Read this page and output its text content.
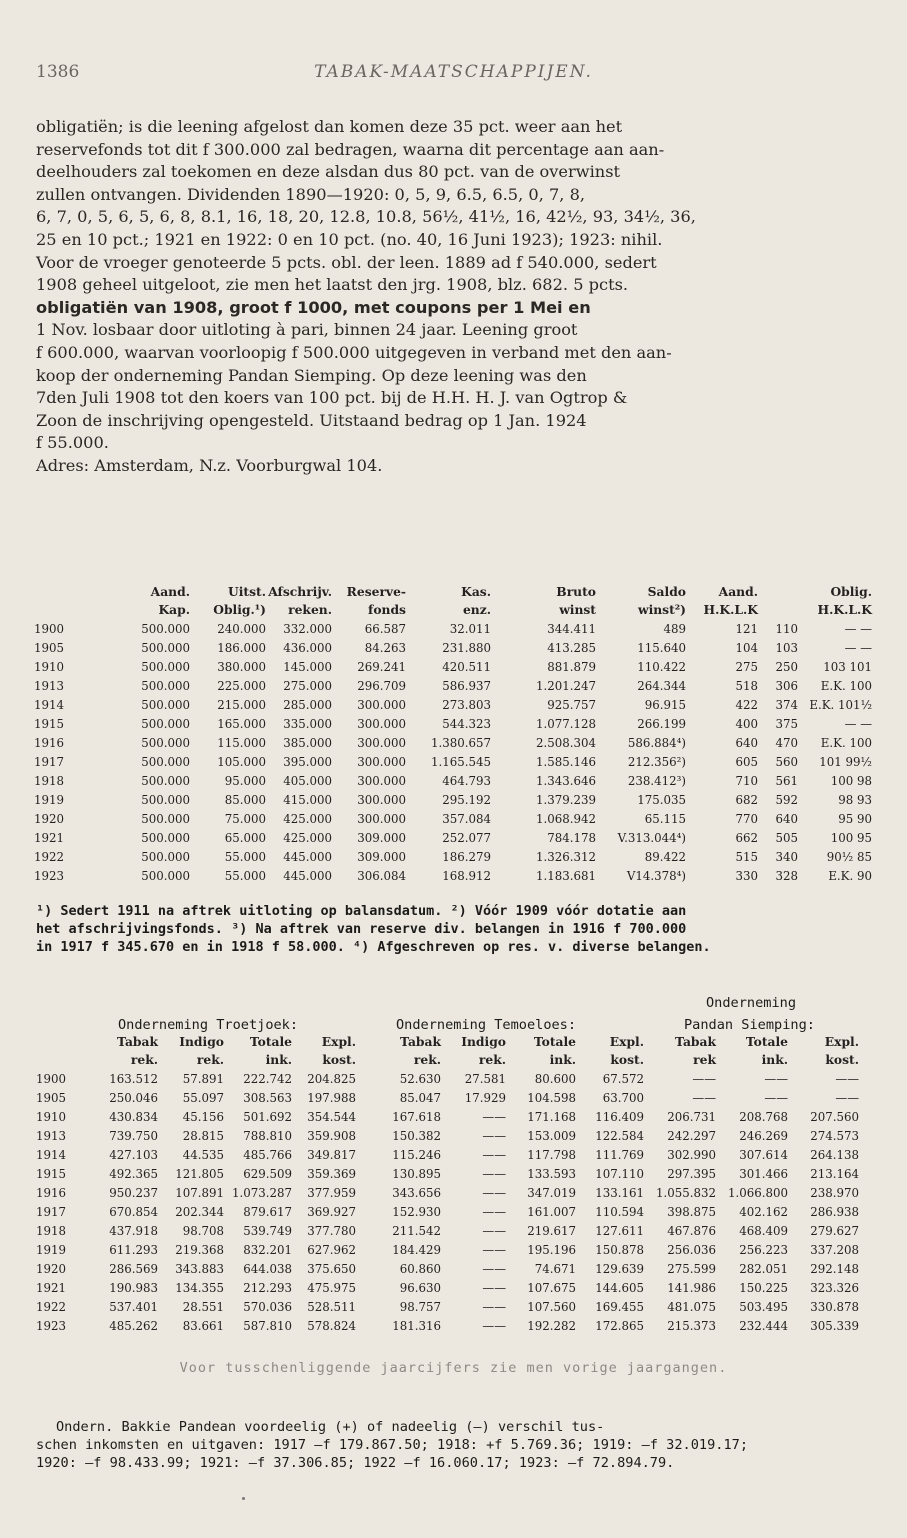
1386	TABAK-MAATSCHAPPIJEN.
obligatiën; is die leening afgelost dan komen deze 35 pct. weer aan het
reservefonds tot dit f 300.000 zal bedragen, waarna dit percentage aan aan-
deelhouders zal toekomen en deze alsdan dus 80 pct. van de overwinst
zullen ontvangen. Dividenden 1890—1920: 0, 5, 9, 6.5, 6.5, 0, 7, 8,
6, 7, 0, 5, 6, 5, 6, 8, 8.1, 16, 18, 20, 12.8, 10.8, 56½, 41½, 16, 42½, 93, 34½, 36,
25 en 10 pct.; 1921 en 1922: 0 en 10 pct. (no. 40, 16 Juni 1923); 1923: nihil.
Voor de vroeger genoteerde 5 pcts. obl. der leen. 1889 ad f 540.000, sedert
1908 geheel uitgeloot, zie men het laatst den jrg. 1908, blz. 682. 5 pcts.
obligatiën van 1908, groot f 1000, met coupons per 1 Mei en
1 Nov. losbaar door uitloting à pari, binnen 24 jaar. Leening groot
f 600.000, waarvan voorloopig f 500.000 uitgegeven in verband met den aan-
koop der onderneming Pandan Siemping. Op deze leening was den
7den Juli 1908 tot den koers van 100 pct. bij de H.H. H. J. van Ogtrop &
Zoon de inschrijving opengesteld. Uitstaand bedrag op 1 Jan. 1924
f 55.000.
Adres: Amsterdam, N.z. Voorburgwal 104.
Aand.	Uitst. Afschrijv. Reserve-	Kas.	Bruto	Saldo	Aand.	Oblig.
Kap. Oblig.¹) reken.	fonds	enz.	winst	winst²) H.K.L.K	H.K.L.K
1900	500.000 240.000 332.000	66.587	32.011	344.411	489	121 110	— —
1905	500.000 186.000 436.000	84.263	231.880	413.285	115.640	104 103	— —
1910	500.000 380.000 145.000 269.241	420.511	881.879	110.422	275 250 103 101
1913	500.000 225.000 275.000 296.709	586.937	1.201.247	264.344	518 306 E.K. 100
1914	500.000 215.000 285.000 300.000	273.803	925.757	96.915	422 374 E.K. 101½
1915	500.000 165.000 335.000 300.000	544.323	1.077.128	266.199	400 375	— —
1916	500.000 115.000 385.000 300.000 1.380.657	2.508.304	586.884⁴)	640 470 E.K. 100
1917	500.000 105.000 395.000 300.000 1.165.545	1.585.146	212.356²)	605 560 101 99½
1918	500.000	95.000 405.000 300.000	464.793	1.343.646	238.412³)	710 561	100 98
1919	500.000	85.000 415.000 300.000	295.192	1.379.239	175.035	682 592	98 93
1920	500.000	75.000 425.000 300.000	357.084	1.068.942	65.115	770 640	95 90
1921	500.000	65.000 425.000 309.000	252.077	784.178 V.313.044⁴)	662 505	100 95
1922	500.000	55.000 445.000 309.000	186.279	1.326.312	89.422	515 340 90½ 85
1923	500.000	55.000 445.000 306.084	168.912	1.183.681	V14.378⁴)	330 328	E.K. 90
¹) Sedert 1911 na aftrek uitloting op balansdatum. ²) Vóór 1909 vóór dotatie aan
het afschrijvingsfonds. ³) Na aftrek van reserve div. belangen in 1916 f 700.000
in 1917 f 345.670 en in 1918 f 58.000. ⁴) Afgeschreven op res. v. diverse belangen.
Onderneming Troetjoek:	Onderneming Temoeloes:
Onderneming
Pandan Siemping:
Tabak Indigo Totale Expl.	Tabak Indigo Totale	Expl.	Tabak Totale	Expl.
rek.	rek.	ink. kost.	rek.	rek.	ink.	kost.	rek	ink.	kost.
1900	163.512 57.891 222.742 204.825	52.630 27.581 80.600 67.572	——	——	——
1905	250.046 55.097 308.563 197.988	85.047 17.929 104.598 63.700	——	——	——
1910	430.834 45.156 501.692 354.544	167.618	—— 171.168 116.409 206.731 208.768 207.560
1913	739.750 28.815 788.810 359.908	150.382	—— 153.009 122.584 242.297 246.269 274.573
1914	427.103 44.535 485.766 349.817	115.246	—— 117.798 111.769 302.990 307.614 264.138
1915	492.365 121.805 629.509 359.369	130.895	—— 133.593 107.110 297.395 301.466 213.164
1916	950.237 107.891 1.073.287 377.959	343.656	—— 347.019 133.161 1.055.832 1.066.800 238.970
1917	670.854 202.344 879.617 369.927	152.930	—— 161.007 110.594 398.875 402.162 286.938
1918	437.918 98.708 539.749 377.780	211.542	—— 219.617 127.611 467.876 468.409 279.627
1919	611.293 219.368 832.201 627.962	184.429	—— 195.196 150.878 256.036 256.223 337.208
1920	286.569 343.883 644.038 375.650	60.860	—— 74.671 129.639 275.599 282.051 292.148
1921	190.983 134.355 212.293 475.975	96.630	—— 107.675 144.605 141.986 150.225 323.326
1922	537.401 28.551 570.036 528.511	98.757	—— 107.560 169.455 481.075 503.495 330.878
1923	485.262 83.661 587.810 578.824	181.316	—— 192.282 172.865 215.373 232.444 305.339
Voor tusschenliggende jaarcijfers zie men vorige jaargangen.
Ondern. Bakkie Pandean voordeelig (+) of nadeelig (—) verschil tus-
schen inkomsten en uitgaven: 1917 —f 179.867.50; 1918: +f 5.769.36; 1919: —f 32.019.17;
1920: —f 98.433.99; 1921: —f 37.306.85; 1922 —f 16.060.17; 1923: —f 72.894.79.
